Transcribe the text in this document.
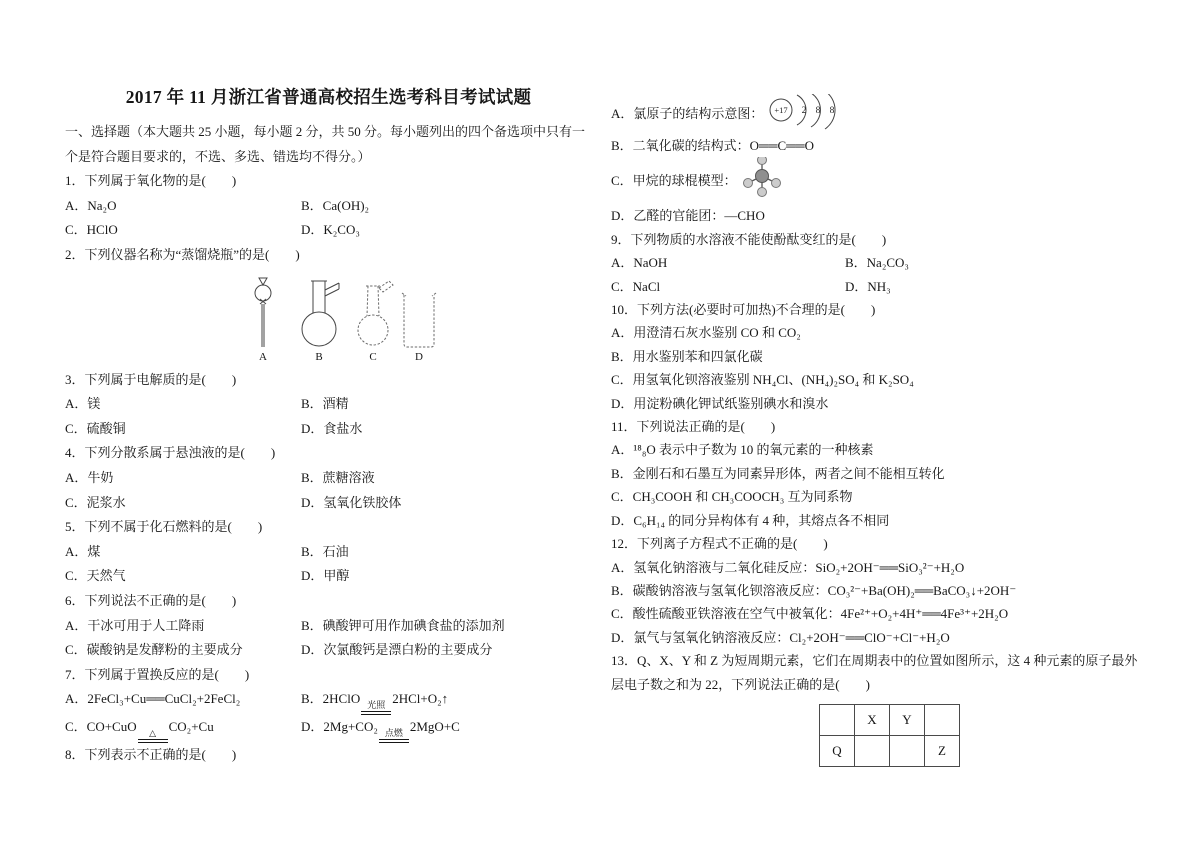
2017 年 11 月浙江省普通高校招生选考科目考试试题
一、选择题（本大题共 25 小题，每小题 2 分，共 50 分。每小题列出的四个备选项中只有一个是符合题目要求的，不选、多选、错选均不得分。）
1．下列属于氧化物的是(　　)
A．Na₂O	B．Ca(OH)₂
C．HClO	D．K₂CO₃
2．下列仪器名称为“蒸馏烧瓶”的是(　　)
A	B	C	D
3．下列属于电解质的是(　　)
A．镁	B．酒精
C．硫酸铜	D．食盐水
4．下列分散系属于悬浊液的是(　　)
A．牛奶	B．蔗糖溶液
C．泥浆水	D．氢氧化铁胶体
5．下列不属于化石燃料的是(　　)
A．煤	B．石油
C．天然气	D．甲醇
6．下列说法不正确的是(　　)
A．干冰可用于人工降雨	B．碘酸钾可用作加碘食盐的添加剂
C．碳酸钠是发酵粉的主要成分	D．次氯酸钙是漂白粉的主要成分
7．下列属于置换反应的是(　　)
A．2FeCl₃+Cu══CuCl₂+2FeCl₂	B．2HClO 光照 2HCl+O₂↑
C．CO+CuO △ CO₂+Cu	D．2Mg+CO₂ 点燃 2MgO+C
8．下列表示不正确的是(　　)
A．氯原子的结构示意图： +17 2 8 8
B．二氧化碳的结构式：O══C══O
C．甲烷的球棍模型：
D．乙醛的官能团：—CHO
9．下列物质的水溶液不能使酚酞变红的是(　　)
A．NaOH	B．Na₂CO₃
C．NaCl	D．NH₃
10．下列方法(必要时可加热)不合理的是(　　)
A．用澄清石灰水鉴别 CO 和 CO₂
B．用水鉴别苯和四氯化碳
C．用氢氧化钡溶液鉴别 NH₄Cl、(NH₄)₂SO₄ 和 K₂SO₄
D．用淀粉碘化钾试纸鉴别碘水和溴水
11．下列说法正确的是(　　)
A．¹⁸₈O 表示中子数为 10 的氧元素的一种核素
B．金刚石和石墨互为同素异形体，两者之间不能相互转化
C．CH₃COOH 和 CH₃COOCH₃ 互为同系物
D．C₆H₁₄ 的同分异构体有 4 种，其熔点各不相同
12．下列离子方程式不正确的是(　　)
A．氢氧化钠溶液与二氧化硅反应：SiO₂+2OH⁻══SiO₃²⁻+H₂O
B．碳酸钠溶液与氢氧化钡溶液反应：CO₃²⁻+Ba(OH)₂══BaCO₃↓+2OH⁻
C．酸性硫酸亚铁溶液在空气中被氧化：4Fe²⁺+O₂+4H⁺══4Fe³⁺+2H₂O
D．氯气与氢氧化钠溶液反应：Cl₂+2OH⁻══ClO⁻+Cl⁻+H₂O
13．Q、X、Y 和 Z 为短周期元素，它们在周期表中的位置如图所示，这 4 种元素的原子最外层电子数之和为 22，下列说法正确的是(　　)
	X	Y	
Q			Z
